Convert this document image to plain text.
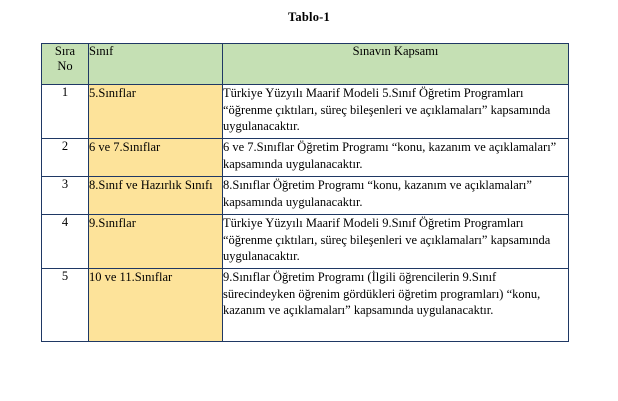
Tablo-1
Sıra
No	Sınıf	Sınavın Kapsamı
1	5.Sınıflar	Türkiye Yüzyılı Maarif Modeli 5.Sınıf Öğretim Programları “öğrenme çıktıları, süreç bileşenleri ve açıklamaları” kapsamında uygulanacaktır.
2	6 ve 7.Sınıflar	6 ve 7.Sınıflar Öğretim Programı “konu, kazanım ve açıklamaları” kapsamında uygulanacaktır.
3	8.Sınıf ve Hazırlık Sınıfı	8.Sınıflar Öğretim Programı “konu, kazanım ve açıklamaları” kapsamında uygulanacaktır.
4	9.Sınıflar	Türkiye Yüzyılı Maarif Modeli 9.Sınıf Öğretim Programları “öğrenme çıktıları, süreç bileşenleri ve açıklamaları” kapsamında uygulanacaktır.
5	10 ve 11.Sınıflar	9.Sınıflar Öğretim Programı (İlgili öğrencilerin 9.Sınıf sürecindeyken öğrenim gördükleri öğretim programları) “konu, kazanım ve açıklamaları” kapsamında uygulanacaktır.
